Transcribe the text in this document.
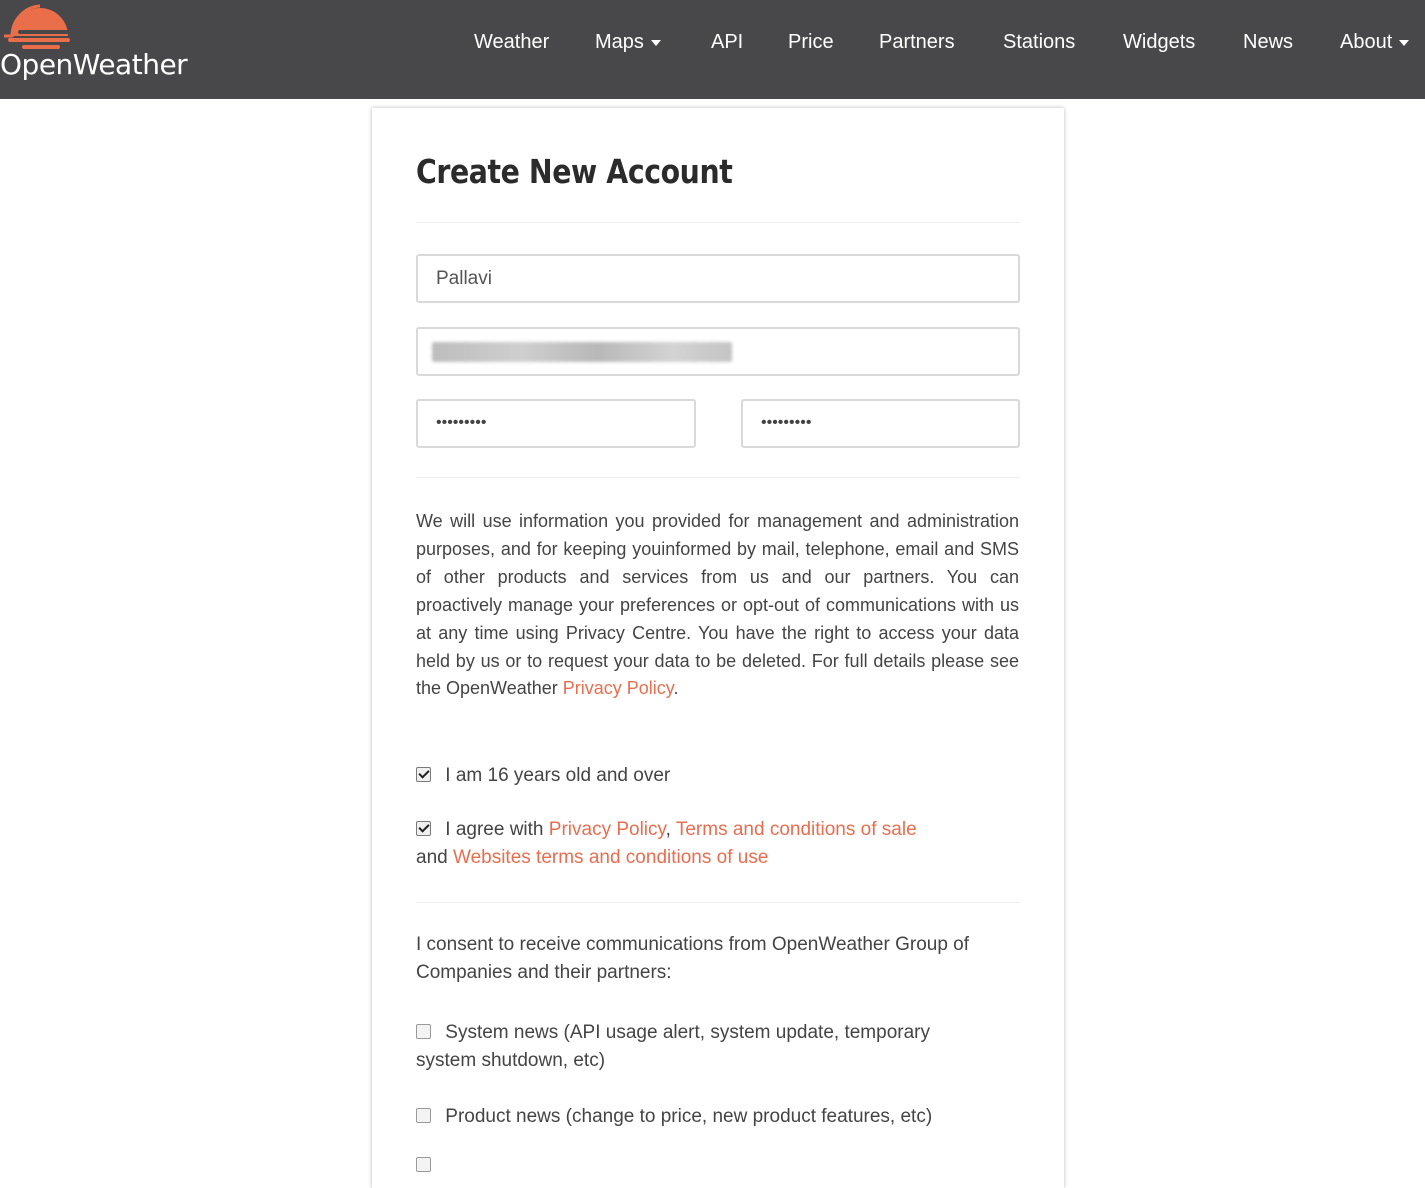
OpenWeather
Weather Maps	API Price Partners Stations Widgets News About
Create New Account
Pallavi
•••••••••	•••••••••
We will use information you provided for management and administration purposes, and for keeping youinformed by mail, telephone, email and SMS of other products and services from us and our partners. You can proactively manage your preferences or opt-out of communications with us at any time using Privacy Centre. You have the right to access your data held by us or to request your data to be deleted. For full details please see the OpenWeather Privacy Policy.
I am 16 years old and over
I agree with Privacy Policy, Terms and conditions of sale and Websites terms and conditions of use
I consent to receive communications from OpenWeather Group of Companies and their partners:
System news (API usage alert, system update, temporary system shutdown, etc)
Product news (change to price, new product features, etc)
